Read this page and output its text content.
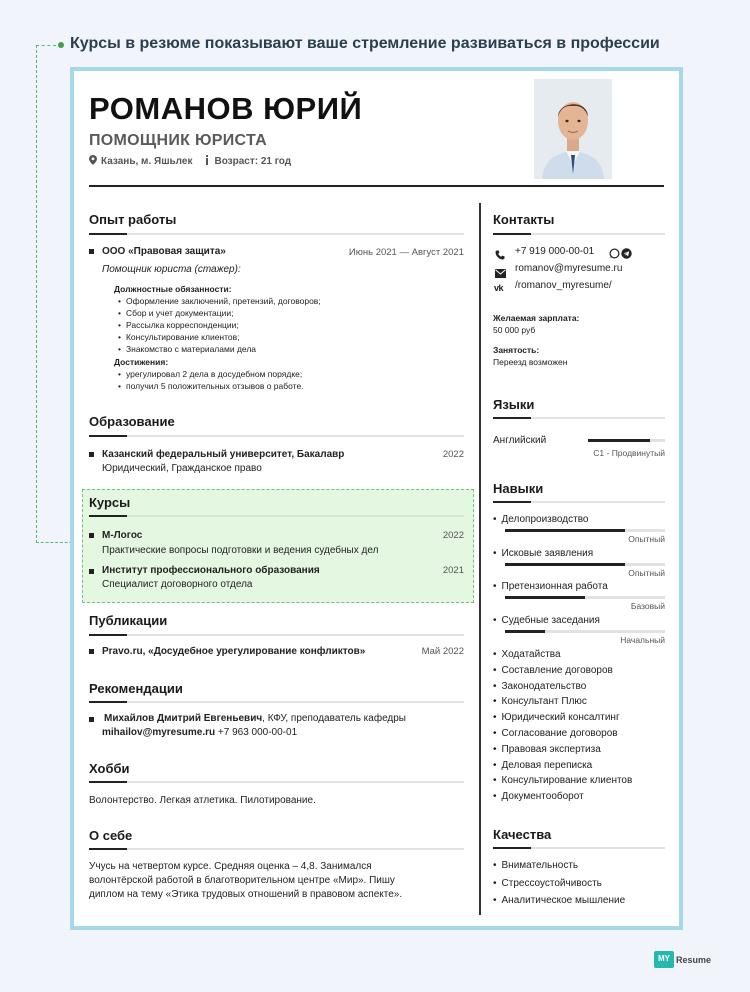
Курсы в резюме показывают ваше стремление развиваться в профессии
РОМАНОВ ЮРИЙ
ПОМОЩНИК ЮРИСТА
Казань, м. Яшьлек Возраст: 21 год
Опыт работы
ООО «Правовая защита»	Июнь 2021 — Август 2021
Помощник юриста (стажер):
Должностные обязанности:
• Оформление заключений, претензий, договоров;
• Сбор и учет документации;
• Рассылка корреспонденции;
• Консультирование клиентов;
• Знакомство с материалами дела
Достижения:
• урегулировал 2 дела в досудебном порядке;
• получил 5 положительных отзывов о работе.
Образование
Казанский федеральный университет, Бакалавр	2022
Юридический, Гражданское право
Курсы
М-Логос	2022
Практические вопросы подготовки и ведения судебных дел
Институт профессионального образования	2021
Специалист договорного отдела
Публикации
Pravo.ru, «Досудебное урегулирование конфликтов»	Май 2022
Рекомендации
Михайлов Дмитрий Евгеньевич, КФУ, преподаватель кафедры
mihailov@myresume.ru +7 963 000-00-01
Хобби
Волонтерство. Легкая атлетика. Пилотирование.
О себе
Учусь на четвертом курсе. Средняя оценка – 4,8. Занимался
волонтёрской работой в благотворительном центре «Мир». Пишу
диплом на тему «Этика трудовых отношений в правовом аспекте».
Контакты
+7 919 000-00-01
romanov@myresume.ru
vk /romanov_myresume/
Желаемая зарплата:
50 000 руб
Занятость:
Переезд возможен
Языки
Английский
C1 - Продвинутый
Навыки
• Делопроизводство
Опытный
• Исковые заявления
Опытный
• Претензионная работа
Базовый
• Судебные заседания
Начальный
• Ходатайства
• Составление договоров
• Законодательство
• Консультант Плюс
• Юридический консалтинг
• Согласование договоров
• Правовая экспертиза
• Деловая переписка
• Консультирование клиентов
• Документооборот
Качества
• Внимательность
• Стрессоустойчивость
• Аналитическое мышление
MY Resume
